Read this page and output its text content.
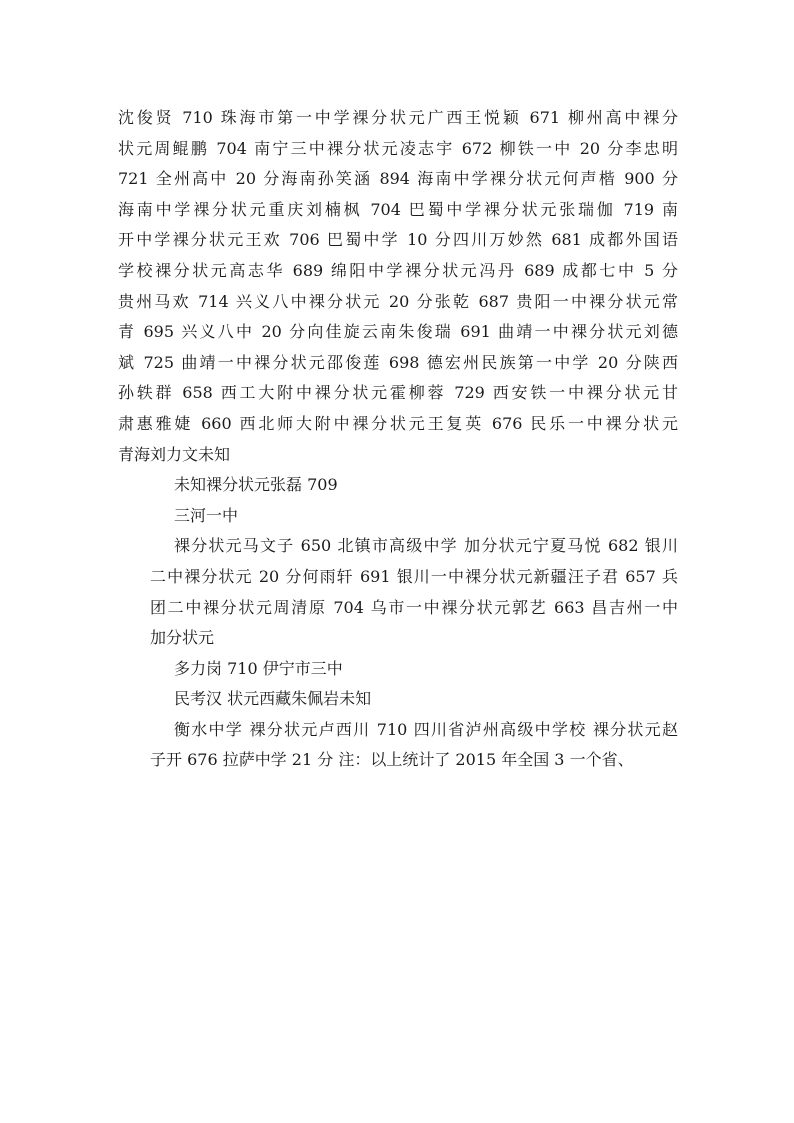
沈俊贤 710 珠海市第一中学裸分状元广西王悦颖 671 柳州高中裸分
状元周鲲鹏 704 南宁三中裸分状元凌志宇 672 柳铁一中 20 分李忠明
721 全州高中 20 分海南孙笑涵 894 海南中学裸分状元何声楷 900 分
海南中学裸分状元重庆刘楠枫 704 巴蜀中学裸分状元张瑞伽 719 南
开中学裸分状元王欢 706 巴蜀中学 10 分四川万妙然 681 成都外国语
学校裸分状元高志华 689 绵阳中学裸分状元冯丹 689 成都七中 5 分
贵州马欢 714 兴义八中裸分状元 20 分张乾 687 贵阳一中裸分状元常
青 695 兴义八中 20 分向佳旋云南朱俊瑞 691 曲靖一中裸分状元刘德
斌 725 曲靖一中裸分状元邵俊莲 698 德宏州民族第一中学 20 分陕西
孙轶群 658 西工大附中裸分状元霍柳蓉 729 西安铁一中裸分状元甘
肃惠雅婕 660 西北师大附中裸分状元王复英 676 民乐一中裸分状元
青海刘力文未知
未知裸分状元张磊 709
三河一中
裸分状元马文子 650 北镇市高级中学 加分状元宁夏马悦 682 银川
二中裸分状元 20 分何雨轩 691 银川一中裸分状元新疆汪子君 657 兵
团二中裸分状元周清原 704 乌市一中裸分状元郭艺 663 昌吉州一中
加分状元
多力岗 710 伊宁市三中
民考汉 状元西藏朱佩岩未知
衡水中学 裸分状元卢西川 710 四川省泸州高级中学校 裸分状元赵
子开 676 拉萨中学 21 分 注：以上统计了 2015 年全国 3 一个省、
